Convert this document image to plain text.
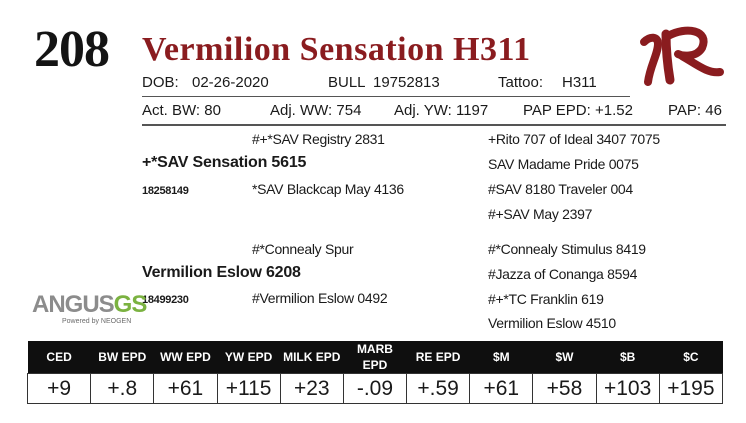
208 Vermilion Sensation H311
DOB: 02-26-2020	BULL 19752813	Tattoo: H311
Act. BW: 80	Adj. WW: 754 Adj. YW: 1197 PAP EPD: +1.52 PAP: 46
#+*SAV Registry 2831
+*SAV Sensation 5615
18258149	*SAV Blackcap May 4136
+Rito 707 of Ideal 3407 7075
SAV Madame Pride 0075
#SAV 8180 Traveler 004
#+SAV May 2397
#*Connealy Spur
Vermilion Eslow 6208
18499230	#Vermilion Eslow 0492
#*Connealy Stimulus 8419
#Jazza of Conanga 8594
#+*TC Franklin 619
Vermilion Eslow 4510
ANGUSGS
Powered by NEOGEN
CED	BW EPD	WW EPD	YW EPD	MILK EPD	MARB EPD	RE EPD	$M	$W	$B	$C
+9	+.8	+61	+115	+23	-.09	+.59	+61	+58	+103	+195
